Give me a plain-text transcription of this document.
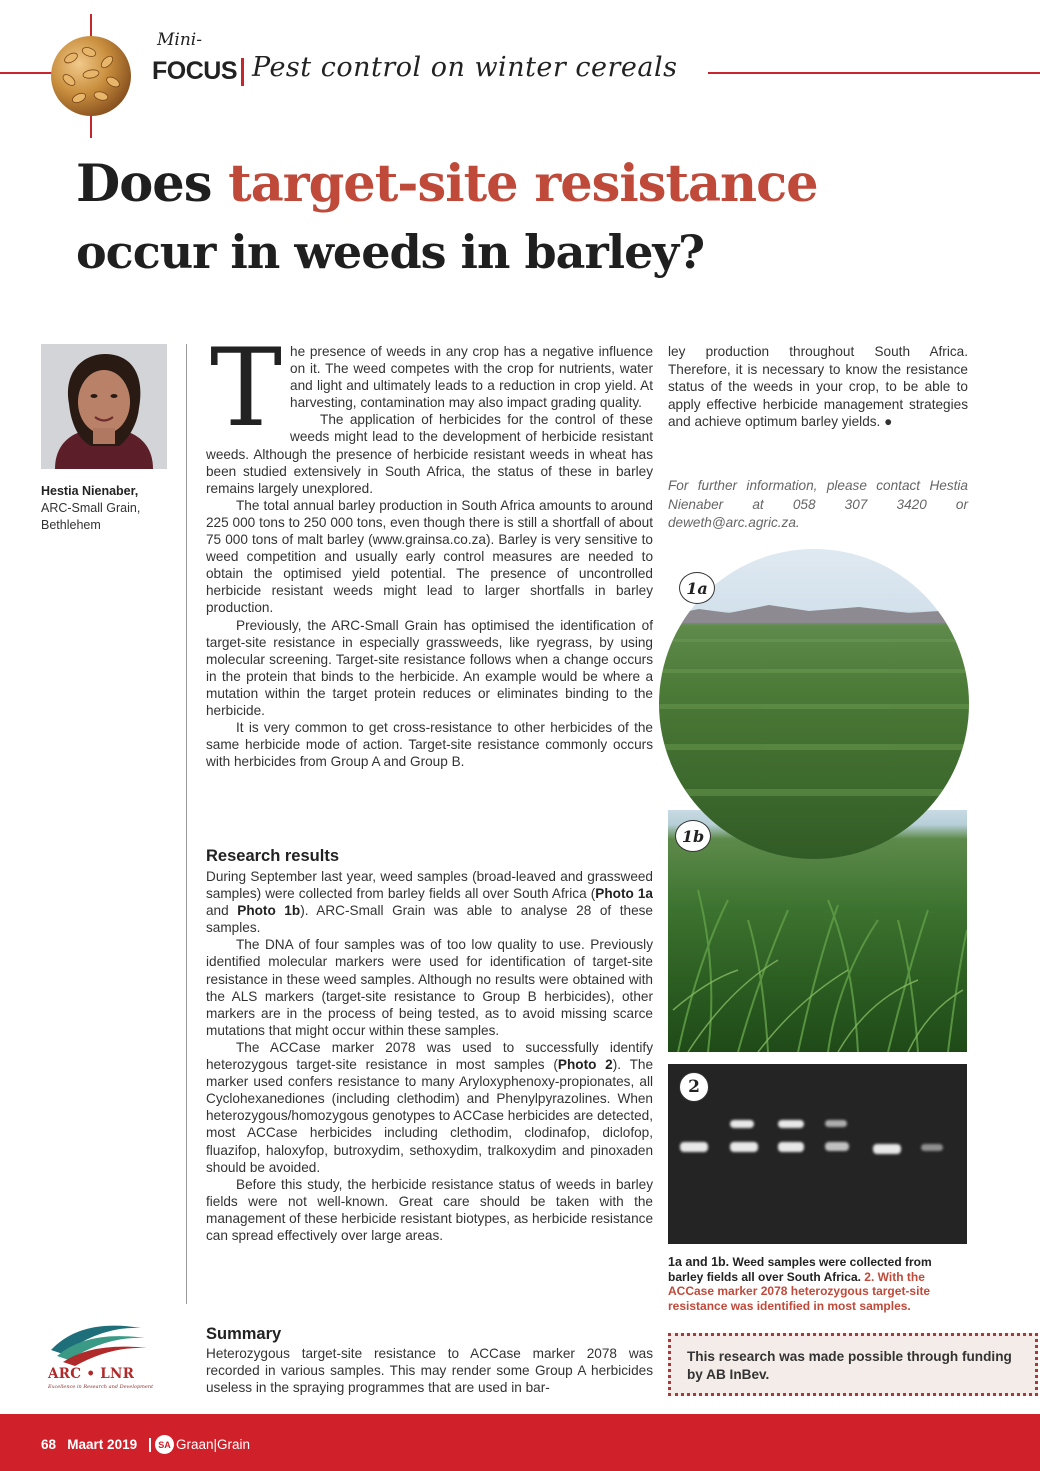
Mini-
FOCUS Pest control on winter cereals
Does target-site resistance
occur in weeds in barley?
Hestia Nienaber,
ARC-Small Grain,
Bethlehem
T he presence of weeds in any crop has a negative influence on it. The weed competes with the crop for nutrients, water and light and ultimately leads to a reduction in crop yield. At harvesting, contamination may also impact grading quality.

The application of herbicides for the control of these weeds might lead to the development of herbicide resistant weeds. Although the presence of herbicide resistant weeds in wheat has been studied extensively in South Africa, the status of these in barley remains largely unexplored.

The total annual barley production in South Africa amounts to around 225 000 tons to 250 000 tons, even though there is still a shortfall of about 75 000 tons of malt barley (www.grainsa.co.za). Barley is very sensitive to weed competition and usually early control measures are needed to obtain the optimised yield potential. The presence of uncontrolled herbicide resistant weeds might lead to larger shortfalls in barley production.

Previously, the ARC-Small Grain has optimised the identification of target-site resistance in especially grassweeds, like ryegrass, by using molecular screening. Target-site resistance follows when a change occurs in the protein that binds to the herbicide. An example would be where a mutation within the target protein reduces or eliminates binding to the herbicide.

It is very common to get cross-resistance to other herbicides of the same herbicide mode of action. Target-site resistance commonly occurs with herbicides from Group A and Group B.

Research results

During September last year, weed samples (broad-leaved and grassweed samples) were collected from barley fields all over South Africa (Photo 1a and Photo 1b). ARC-Small Grain was able to analyse 28 of these samples.

The DNA of four samples was of too low quality to use. Previously identified molecular markers were used for identification of target-site resistance in these weed samples. Although no results were obtained with the ALS markers (target-site resistance to Group B herbicides), other markers are in the process of being tested, as to avoid missing scarce mutations that might occur within these samples.

The ACCase marker 2078 was used to successfully identify heterozygous target-site resistance in most samples (Photo 2). The marker used confers resistance to many Aryloxyphenoxy-propionates, all Cyclohexanediones (including clethodim) and Phenylpyrazolines. When heterozygous/homozygous genotypes to ACCase herbicides are detected, most ACCase herbicides including clethodim, clodinafop, diclofop, fluazifop, haloxyfop, butroxydim, sethoxydim, tralkoxydim and pinoxaden should be avoided.

Before this study, the herbicide resistance status of weeds in barley fields were not well-known. Great care should be taken with the management of these herbicide resistant biotypes, as herbicide resistance can spread effectively over large areas.

Summary

Heterozygous target-site resistance to ACCase marker 2078 was recorded in various samples. This may render some Group A herbicides useless in the spraying programmes that are used in bar-

ley production throughout South Africa. Therefore, it is necessary to know the resistance status of the weeds in your crop, to be able to apply effective herbicide management strategies and achieve optimum barley yields. ●
For further information, please contact Hestia Nienaber at 058 307 3420 or deweth@arc.agric.za.
1a
1b
2
1a and 1b. Weed samples were collected from barley fields all over South Africa. 2. With the ACCase marker 2078 heterozygous target-site resistance was identified in most samples.
This research was made possible through funding by AB InBev.
ARC • LNR
Excellence in Research and Development
68 Maart 2019	SA Graan|Grain
